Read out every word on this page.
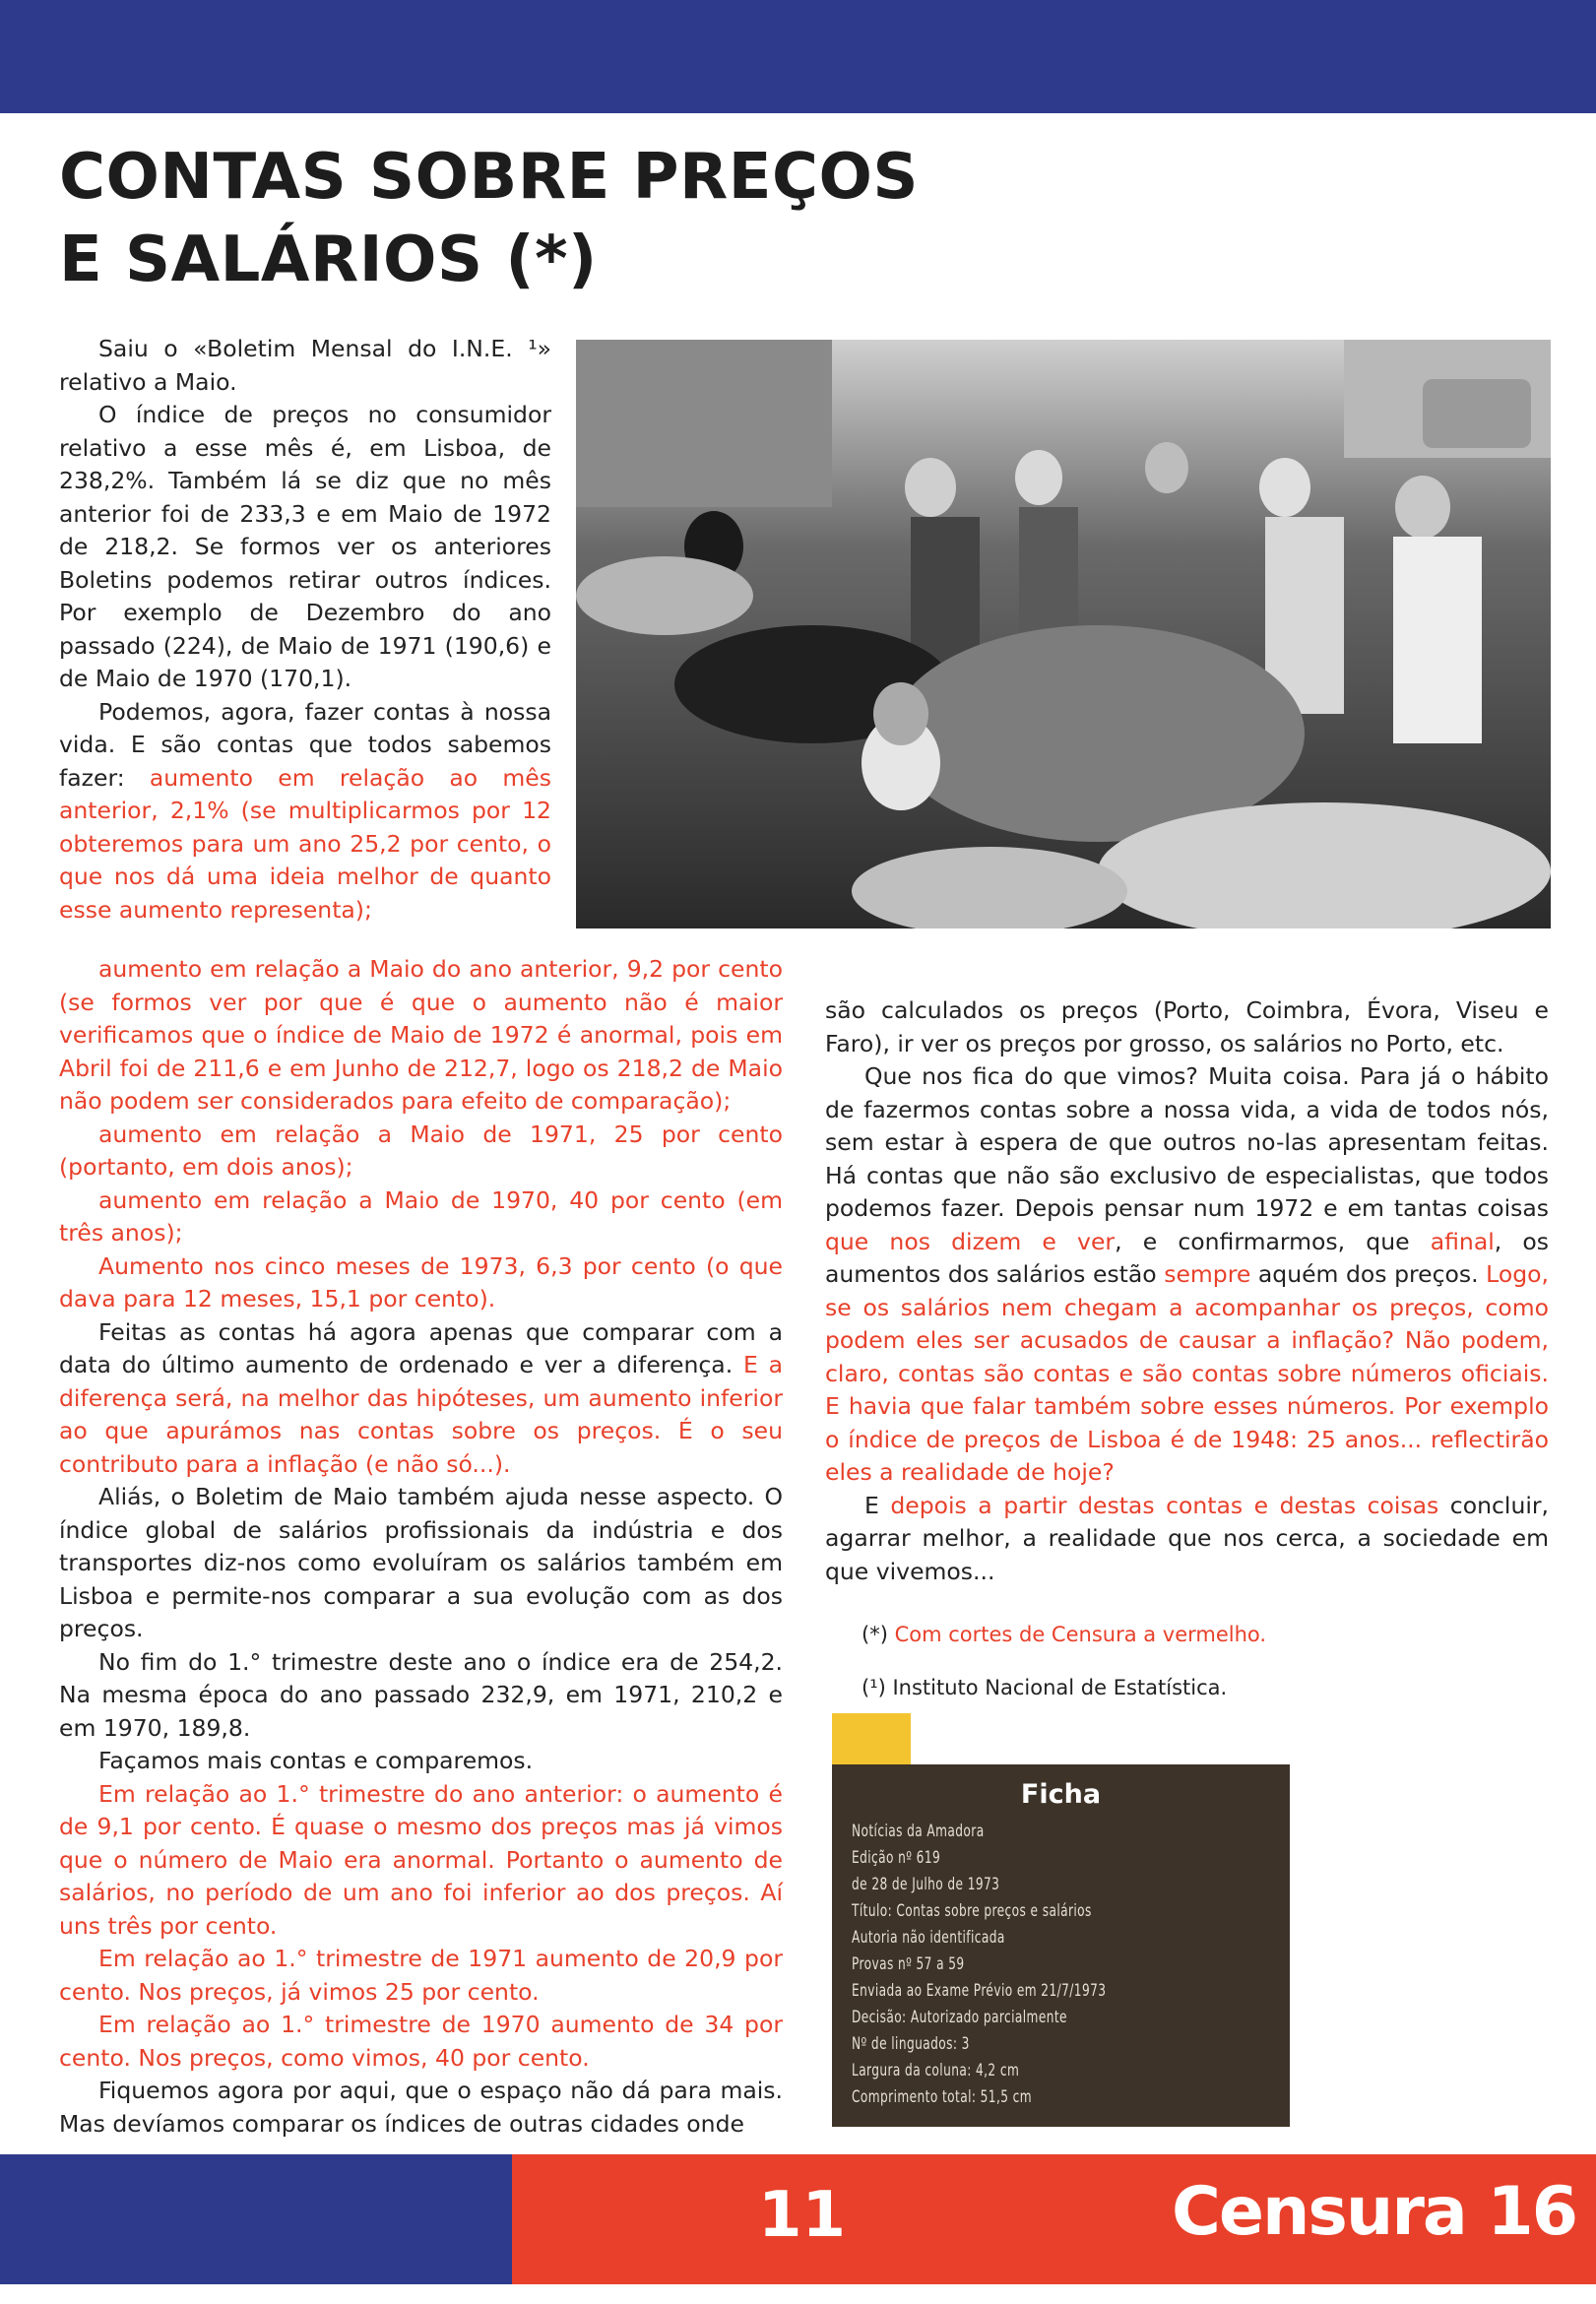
CONTAS SOBRE PREÇOS
E SALÁRIOS (*)

Saiu o «Boletim Mensal do I.N.E. ¹» relativo a Maio.

O índice de preços no consumidor relativo a esse mês é, em Lisboa, de 238,2%. Também lá se diz que no mês anterior foi de 233,3 e em Maio de 1972 de 218,2. Se formos ver os anteriores Boletins podemos retirar outros índices. Por exemplo de Dezembro do ano passado (224), de Maio de 1971 (190,6) e de Maio de 1970 (170,1).

Podemos, agora, fazer contas à nossa vida. E são contas que todos sabemos fazer: aumento em relação ao mês anterior, 2,1% (se multiplicarmos por 12 obteremos para um ano 25,2 por cento, o que nos dá uma ideia melhor de quanto esse aumento representa);

aumento em relação a Maio do ano anterior, 9,2 por cento (se formos ver por que é que o aumento não é maior verificamos que o índice de Maio de 1972 é anormal, pois em Abril foi de 211,6 e em Junho de 212,7, logo os 218,2 de Maio não podem ser considerados para efeito de comparação);

aumento em relação a Maio de 1971, 25 por cento (portanto, em dois anos);

aumento em relação a Maio de 1970, 40 por cento (em três anos);

Aumento nos cinco meses de 1973, 6,3 por cento (o que dava para 12 meses, 15,1 por cento).

Feitas as contas há agora apenas que comparar com a data do último aumento de ordenado e ver a diferença. E a diferença será, na melhor das hipóteses, um aumento inferior ao que apurámos nas contas sobre os preços. É o seu contributo para a inflação (e não só...).

Aliás, o Boletim de Maio também ajuda nesse aspecto. O índice global de salários profissionais da indústria e dos transportes diz-nos como evoluíram os salários também em Lisboa e permite-nos comparar a sua evolução com as dos preços.

No fim do 1.° trimestre deste ano o índice era de 254,2. Na mesma época do ano passado 232,9, em 1971, 210,2 e em 1970, 189,8.

Façamos mais contas e comparemos.

Em relação ao 1.° trimestre do ano anterior: o aumento é de 9,1 por cento. É quase o mesmo dos preços mas já vimos que o número de Maio era anormal. Portanto o aumento de salários, no período de um ano foi inferior ao dos preços. Aí uns três por cento.

Em relação ao 1.° trimestre de 1971 aumento de 20,9 por cento. Nos preços, já vimos 25 por cento.

Em relação ao 1.° trimestre de 1970 aumento de 34 por cento. Nos preços, como vimos, 40 por cento.

Fiquemos agora por aqui, que o espaço não dá para mais. Mas devíamos comparar os índices de outras cidades onde

são calculados os preços (Porto, Coimbra, Évora, Viseu e Faro), ir ver os preços por grosso, os salários no Porto, etc.

Que nos fica do que vimos? Muita coisa. Para já o hábito de fazermos contas sobre a nossa vida, a vida de todos nós, sem estar à espera de que outros no-las apresentam feitas. Há contas que não são exclusivo de especialistas, que todos podemos fazer. Depois pensar num 1972 e em tantas coisas que nos dizem e ver, e confirmarmos, que afinal, os aumentos dos salários estão sempre aquém dos preços. Logo, se os salários nem chegam a acompanhar os preços, como podem eles ser acusados de causar a inflação? Não podem, claro, contas são contas e são contas sobre números oficiais. E havia que falar também sobre esses números. Por exemplo o índice de preços de Lisboa é de 1948: 25 anos... reflectirão eles a realidade de hoje?

E depois a partir destas contas e destas coisas concluir, agarrar melhor, a realidade que nos cerca, a sociedade em que vivemos...

(*) Com cortes de Censura a vermelho.
(¹) Instituto Nacional de Estatística.
Ficha
Notícias da Amadora
Edição nº 619
de 28 de Julho de 1973
Título: Contas sobre preços e salários
Autoria não identificada
Provas nº 57 a 59
Enviada ao Exame Prévio em 21/7/1973
Decisão: Autorizado parcialmente
Nº de linguados: 3
Largura da coluna: 4,2 cm
Comprimento total: 51,5 cm
11	Censura 16
